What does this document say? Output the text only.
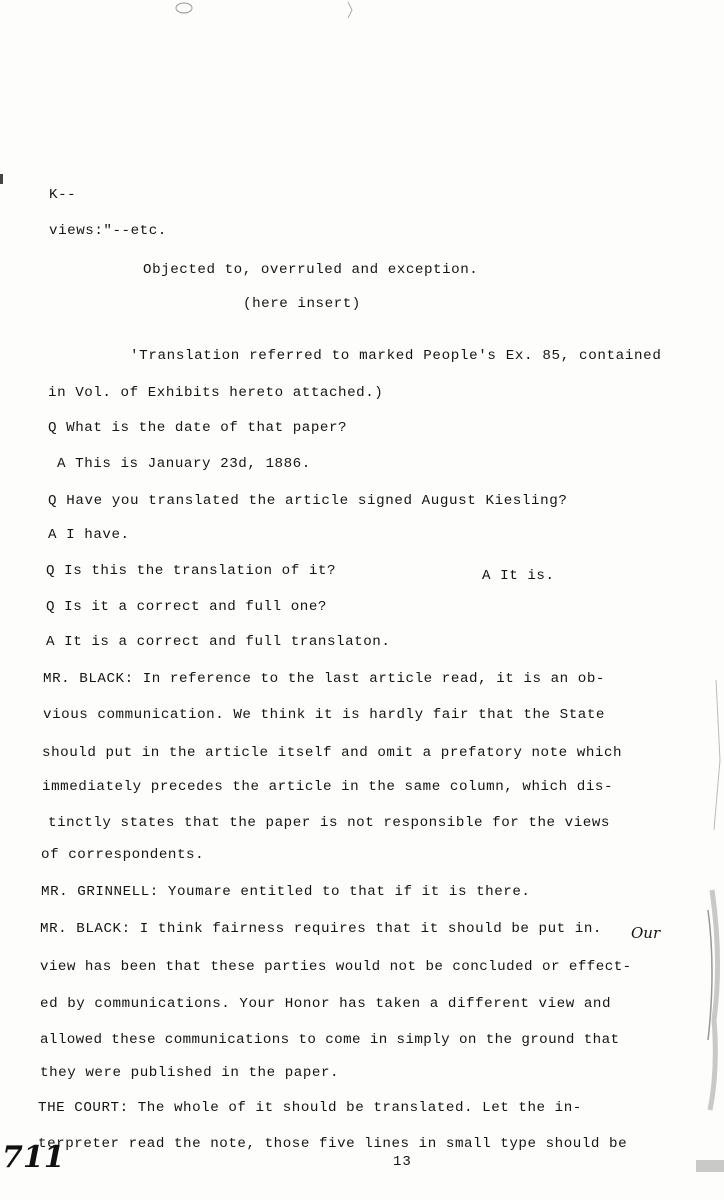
K--
views:"--etc.
Objected to, overruled and exception.
(here insert)
'Translation referred to marked People's Ex. 85, contained
in Vol. of Exhibits hereto attached.)
Q What is the date of that paper?
A This is January 23d, 1886.
Q Have you translated the article signed August Kiesling?
A I have.
Q Is this the translation of it?	A It is.
Q Is it a correct and full one?
A It is a correct and full translaton.
MR. BLACK: In reference to the last article read, it is an ob-
vious communication. We think it is hardly fair that the State
should put in the article itself and omit a prefatory note which
immediately precedes the article in the same column, which dis-
tinctly states that the paper is not responsible for the views
of correspondents.
MR. GRINNELL: Youmare entitled to that if it is there.
MR. BLACK: I think fairness requires that it should be put in.
view has been that these parties would not be concluded or effect-
ed by communications. Your Honor has taken a different view and
allowed these communications to come in simply on the ground that
they were published in the paper.
THE COURT: The whole of it should be translated. Let the in-
terpreter read the note, those five lines in small type should be
Our
13
711
